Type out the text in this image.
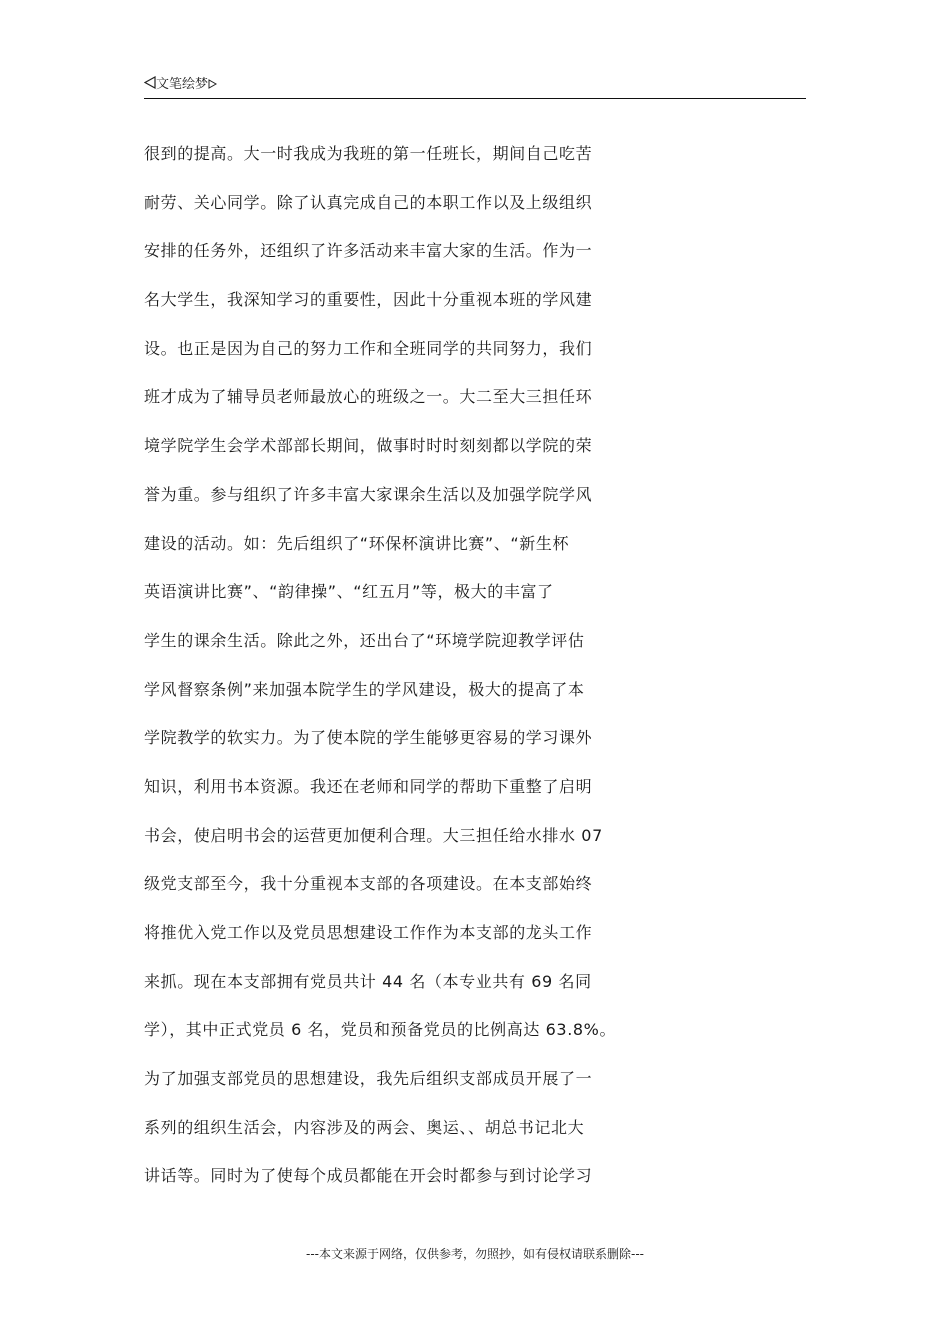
文笔绘梦
很到的提高。大一时我成为我班的第一任班长，期间自己吃苦
耐劳、关心同学。除了认真完成自己的本职工作以及上级组织
安排的任务外，还组织了许多活动来丰富大家的生活。作为一
名大学生，我深知学习的重要性，因此十分重视本班的学风建
设。也正是因为自己的努力工作和全班同学的共同努力，我们
班才成为了辅导员老师最放心的班级之一。大二至大三担任环
境学院学生会学术部部长期间，做事时时时刻刻都以学院的荣
誉为重。参与组织了许多丰富大家课余生活以及加强学院学风
建设的活动。如：先后组织了“环保杯演讲比赛”、“新生杯
英语演讲比赛”、“韵律操”、“红五月”等，极大的丰富了
学生的课余生活。除此之外，还出台了“环境学院迎教学评估
学风督察条例”来加强本院学生的学风建设，极大的提高了本
学院教学的软实力。为了使本院的学生能够更容易的学习课外
知识，利用书本资源。我还在老师和同学的帮助下重整了启明
书会，使启明书会的运营更加便利合理。大三担任给水排水 07
级党支部至今，我十分重视本支部的各项建设。在本支部始终
将推优入党工作以及党员思想建设工作作为本支部的龙头工作
来抓。现在本支部拥有党员共计 44 名（本专业共有 69 名同
学），其中正式党员 6 名，党员和预备党员的比例高达 63.8%。
为了加强支部党员的思想建设，我先后组织支部成员开展了一
系列的组织生活会，内容涉及的两会、奥运、、胡总书记北大
讲话等。同时为了使每个成员都能在开会时都参与到讨论学习
---本文来源于网络，仅供参考，勿照抄，如有侵权请联系删除---
